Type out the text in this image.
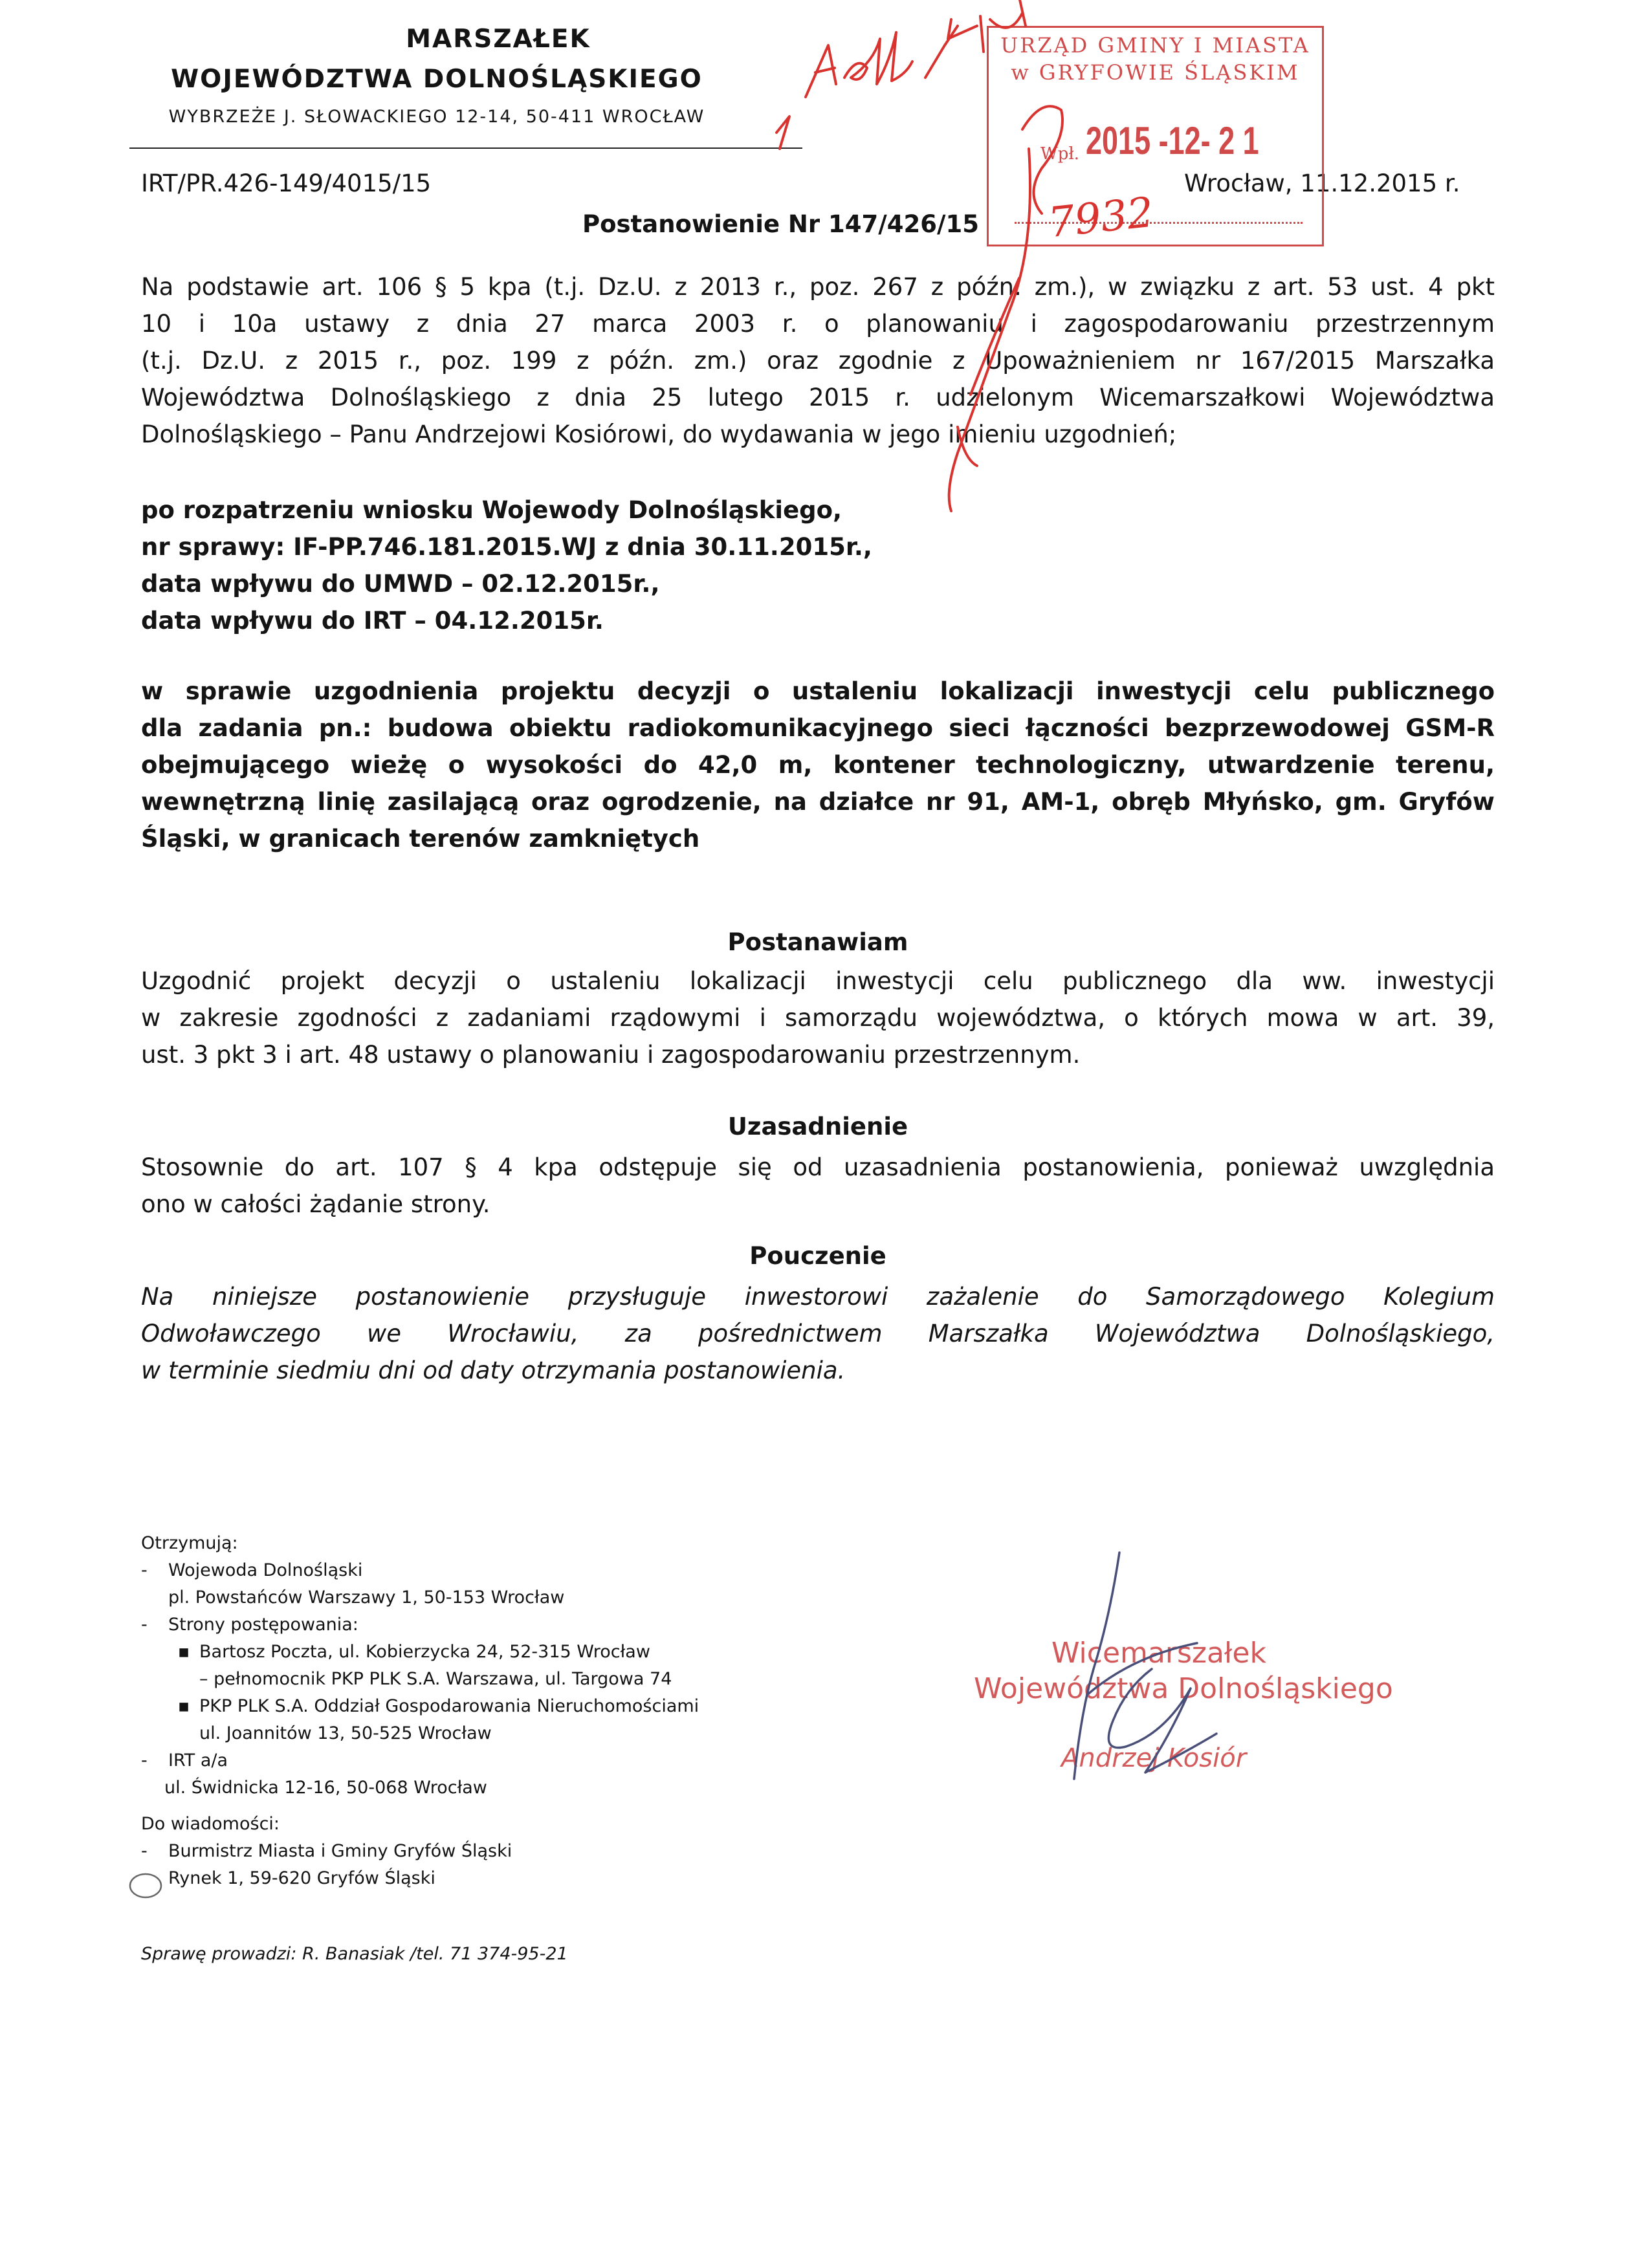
MARSZAŁEK
WOJEWÓDZTWA DOLNOŚLĄSKIEGO
WYBRZEŻE J. SŁOWACKIEGO 12-14, 50-411 WROCŁAW
IRT/PR.426-149/4015/15	Wrocław, 11.12.2015 r.
Postanowienie Nr 147/426/15
Na podstawie art. 106 § 5 kpa (t.j. Dz.U. z 2013 r., poz. 267 z późn. zm.), w związku z art. 53 ust. 4 pkt
10 i 10a ustawy z dnia 27 marca 2003 r. o planowaniu i zagospodarowaniu przestrzennym
(t.j. Dz.U. z 2015 r., poz. 199 z późn. zm.) oraz zgodnie z Upoważnieniem nr 167/2015 Marszałka
Województwa Dolnośląskiego z dnia 25 lutego 2015 r. udzielonym Wicemarszałkowi Województwa
Dolnośląskiego – Panu Andrzejowi Kosiórowi, do wydawania w jego imieniu uzgodnień;
po rozpatrzeniu wniosku Wojewody Dolnośląskiego,
nr sprawy: IF-PP.746.181.2015.WJ z dnia 30.11.2015r.,
data wpływu do UMWD – 02.12.2015r.,
data wpływu do IRT – 04.12.2015r.
w sprawie uzgodnienia projektu decyzji o ustaleniu lokalizacji inwestycji celu publicznego
dla zadania pn.: budowa obiektu radiokomunikacyjnego sieci łączności bezprzewodowej GSM-R
obejmującego wieżę o wysokości do 42,0 m, kontener technologiczny, utwardzenie terenu,
wewnętrzną linię zasilającą oraz ogrodzenie, na działce nr 91, AM-1, obręb Młyńsko, gm. Gryfów
Śląski, w granicach terenów zamkniętych
Postanawiam
Uzgodnić projekt decyzji o ustaleniu lokalizacji inwestycji celu publicznego dla ww. inwestycji
w zakresie zgodności z zadaniami rządowymi i samorządu województwa, o których mowa w art. 39,
ust. 3 pkt 3 i art. 48 ustawy o planowaniu i zagospodarowaniu przestrzennym.
Uzasadnienie
Stosownie do art. 107 § 4 kpa odstępuje się od uzasadnienia postanowienia, ponieważ uwzględnia
ono w całości żądanie strony.
Pouczenie
Na niniejsze postanowienie przysługuje inwestorowi zażalenie do Samorządowego Kolegium
Odwoławczego we Wrocławiu, za pośrednictwem Marszałka Województwa Dolnośląskiego,
w terminie siedmiu dni od daty otrzymania postanowienia.
Otrzymują:
- Wojewoda Dolnośląski
pl. Powstańców Warszawy 1, 50-153 Wrocław
- Strony postępowania:
▪ Bartosz Poczta, ul. Kobierzycka 24, 52-315 Wrocław
– pełnomocnik PKP PLK S.A. Warszawa, ul. Targowa 74
▪ PKP PLK S.A. Oddział Gospodarowania Nieruchomościami
ul. Joannitów 13, 50-525 Wrocław
- IRT a/a
ul. Świdnicka 12-16, 50-068 Wrocław
Do wiadomości:
- Burmistrz Miasta i Gminy Gryfów Śląski
Rynek 1, 59-620 Gryfów Śląski
Sprawę prowadzi: R. Banasiak /tel. 71 374-95-21
URZĄD GMINY I MIASTA
w GRYFOWIE ŚLĄSKIM
Wpł. 2015 -12- 2 1
7932
Wicemarszałek
Województwa Dolnośląskiego
Andrzej Kosiór
